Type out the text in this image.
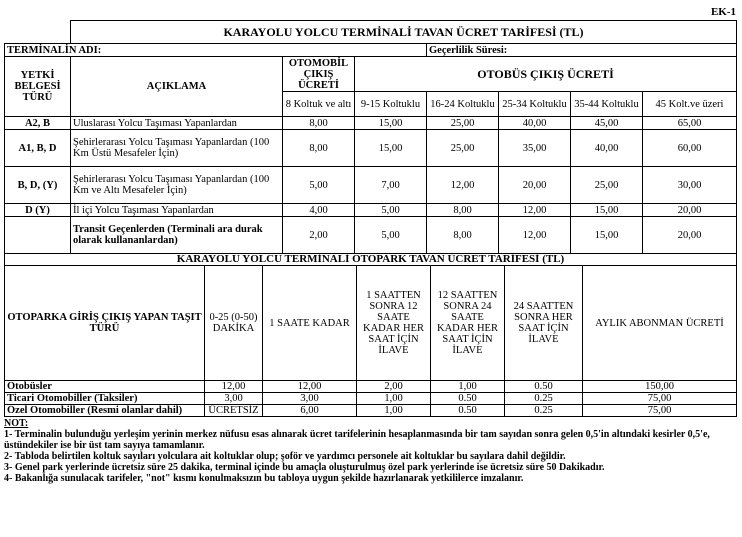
EK-1
	KARAYOLU YOLCU TERMİNALİ TAVAN ÜCRET TARİFESİ (TL)						
TERMİNALİN ADI:				Geçerlilik Süresi:			
YETKİ BELGESİ TÜRÜ	AÇIKLAMA	OTOMOBİL ÇIKIŞ ÜCRETİ	OTOBÜS ÇIKIŞ ÜCRETİ				
		8 Koltuk ve altı	9-15 Koltuklu	16-24 Koltuklu	25-34 Koltuklu	35-44 Koltuklu	45 Kolt.ve üzeri
A2, B	Uluslarası Yolcu Taşıması Yapanlardan	8,00	15,00	25,00	40,00	45,00	65,00
A1, B, D	Şehirlerarası Yolcu Taşıması Yapanlardan (100 Km Üstü Mesafeler İçin)	8,00	15,00	25,00	35,00	40,00	60,00
B, D, (Y)	Şehirlerarası Yolcu Taşıması Yapanlardan (100 Km ve Altı Mesafeler İçin)	5,00	7,00	12,00	20,00	25,00	30,00
D (Y)	İl içi Yolcu Taşıması Yapanlardan	4,00	5,00	8,00	12,00	15,00	20,00
	Transit Geçenlerden (Terminali ara durak olarak kullananlardan)	2,00	5,00	8,00	12,00	15,00	20,00
KARAYOLU YOLCU TERMİNALİ OTOPARK TAVAN ÜCRET TARİFESİ (TL)						
OTOPARKA GİRİŞ ÇIKIŞ YAPAN TAŞIT TÜRÜ	0-25 (0-50) DAKİKA	1 SAATE KADAR	1 SAATTEN SONRA 12 SAATE KADAR HER SAAT İÇİN İLAVE	12 SAATTEN SONRA 24 SAATE KADAR HER SAAT İÇİN İLAVE	24 SAATTEN SONRA HER SAAT İÇİN İLAVE	AYLIK ABONMAN ÜCRETİ
Otobüsler	12,00	12,00	2,00	1,00	0.50	150,00
Ticari Otomobiller (Taksiler)	3,00	3,00	1,00	0.50	0.25	75,00
Özel Otomobiller (Resmi olanlar dahil)	ÜCRETSİZ	6,00	1,00	0.50	0.25	75,00
NOT:
1- Terminalin bulunduğu yerleşim yerinin merkez nüfusu esas alınarak ücret tarifelerinin hesaplanmasında bir tam sayıdan sonra gelen 0,5'in altındaki kesirler 0,5'e, üstündekiler ise bir üst tam sayıya tamamlanır.
2- Tabloda belirtilen koltuk sayıları yolculara ait koltuklar olup; şoför ve yardımcı personele ait koltuklar bu sayılara dahil değildir.
3- Genel park yerlerinde ücretsiz süre 25 dakika, terminal içinde bu amaçla oluşturulmuş özel park yerlerinde ise ücretsiz süre 50 Dakikadır.
4- Bakanlığa sunulacak tarifeler, "not" kısmı konulmaksızın bu tabloya uygun şekilde hazırlanarak yetkililerce imzalanır.
